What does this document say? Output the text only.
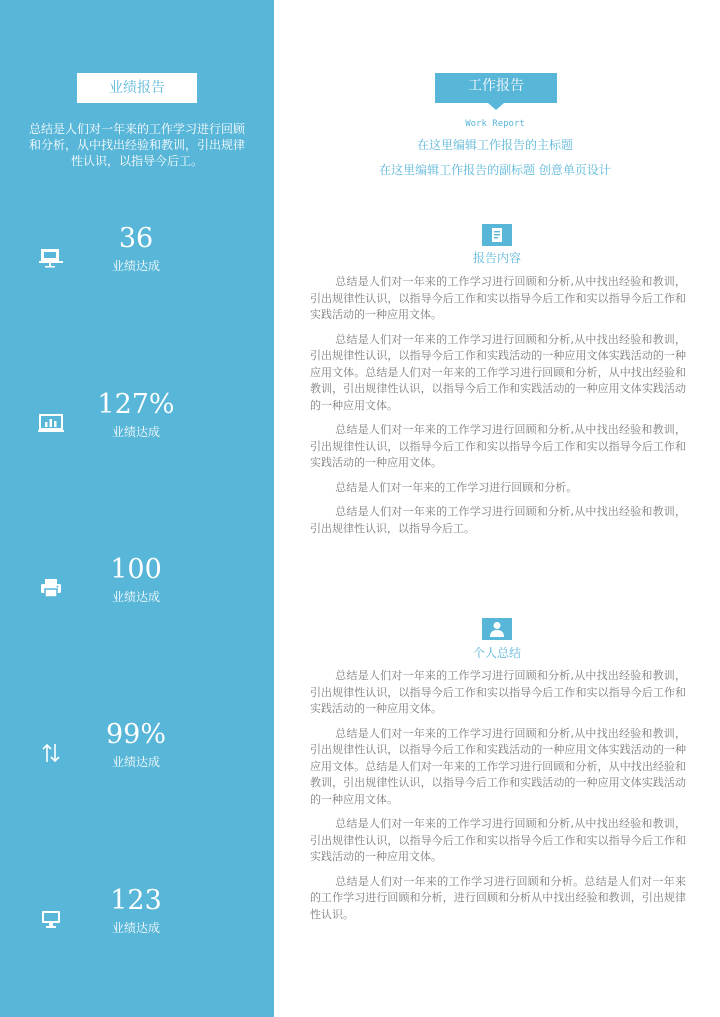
业绩报告
总结是人们对一年来的工作学习进行回顾和分析，从中找出经验和教训，引出规律性认识，以指导今后工。
36
业绩达成
127%
业绩达成
100
业绩达成
99%
业绩达成
123
业绩达成
工作报告
Work Report
在这里编辑工作报告的主标题
在这里编辑工作报告的副标题 创意单页设计
报告内容

总结是人们对一年来的工作学习进行回顾和分析,从中找出经验和教训，引出规律性认识，以指导今后工作和实以指导今后工作和实以指导今后工作和实践活动的一种应用文体。

总结是人们对一年来的工作学习进行回顾和分析,从中找出经验和教训，引出规律性认识，以指导今后工作和实践活动的一种应用文体实践活动的一种应用文体。总结是人们对一年来的工作学习进行回顾和分析，从中找出经验和教训，引出规律性认识，以指导今后工作和实践活动的一种应用文体实践活动的一种应用文体。

总结是人们对一年来的工作学习进行回顾和分析,从中找出经验和教训，引出规律性认识，以指导今后工作和实以指导今后工作和实以指导今后工作和实践活动的一种应用文体。

总结是人们对一年来的工作学习进行回顾和分析。

总结是人们对一年来的工作学习进行回顾和分析,从中找出经验和教训，引出规律性认识，以指导今后工。

个人总结

总结是人们对一年来的工作学习进行回顾和分析,从中找出经验和教训，引出规律性认识，以指导今后工作和实以指导今后工作和实以指导今后工作和实践活动的一种应用文体。

总结是人们对一年来的工作学习进行回顾和分析,从中找出经验和教训，引出规律性认识，以指导今后工作和实践活动的一种应用文体实践活动的一种应用文体。总结是人们对一年来的工作学习进行回顾和分析，从中找出经验和教训，引出规律性认识，以指导今后工作和实践活动的一种应用文体实践活动的一种应用文体。

总结是人们对一年来的工作学习进行回顾和分析,从中找出经验和教训，引出规律性认识，以指导今后工作和实以指导今后工作和实以指导今后工作和实践活动的一种应用文体。

总结是人们对一年来的工作学习进行回顾和分析。总结是人们对一年来的工作学习进行回顾和分析，进行回顾和分析从中找出经验和教训，引出规律性认识。
